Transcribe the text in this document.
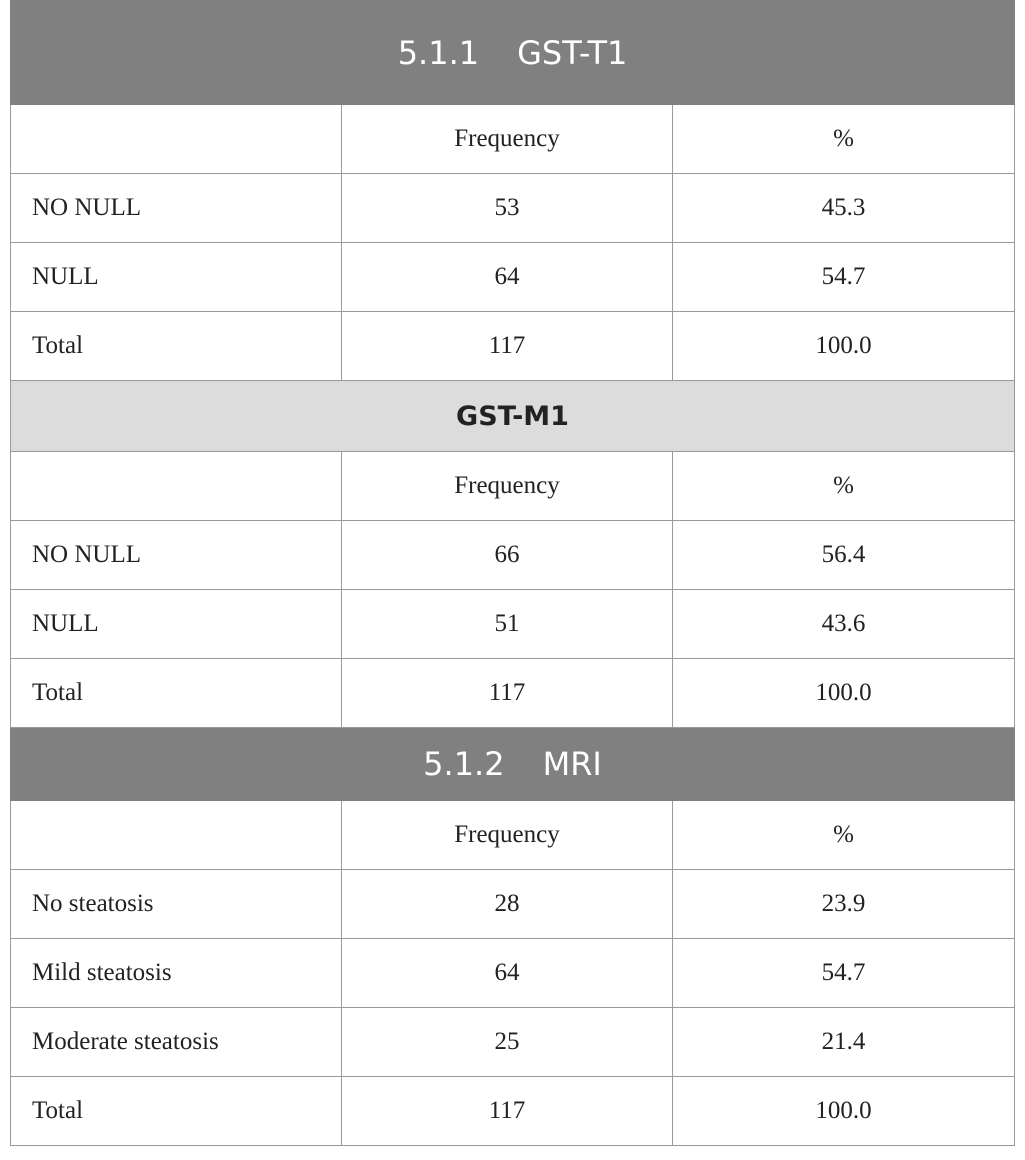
5.1.1 GST-T1		
	Frequency	%
NO NULL	53	45.3
NULL	64	54.7
Total	117	100.0
GST-M1		
	Frequency	%
NO NULL	66	56.4
NULL	51	43.6
Total	117	100.0
5.1.2 MRI		
	Frequency	%
No steatosis	28	23.9
Mild steatosis	64	54.7
Moderate steatosis	25	21.4
Total	117	100.0
